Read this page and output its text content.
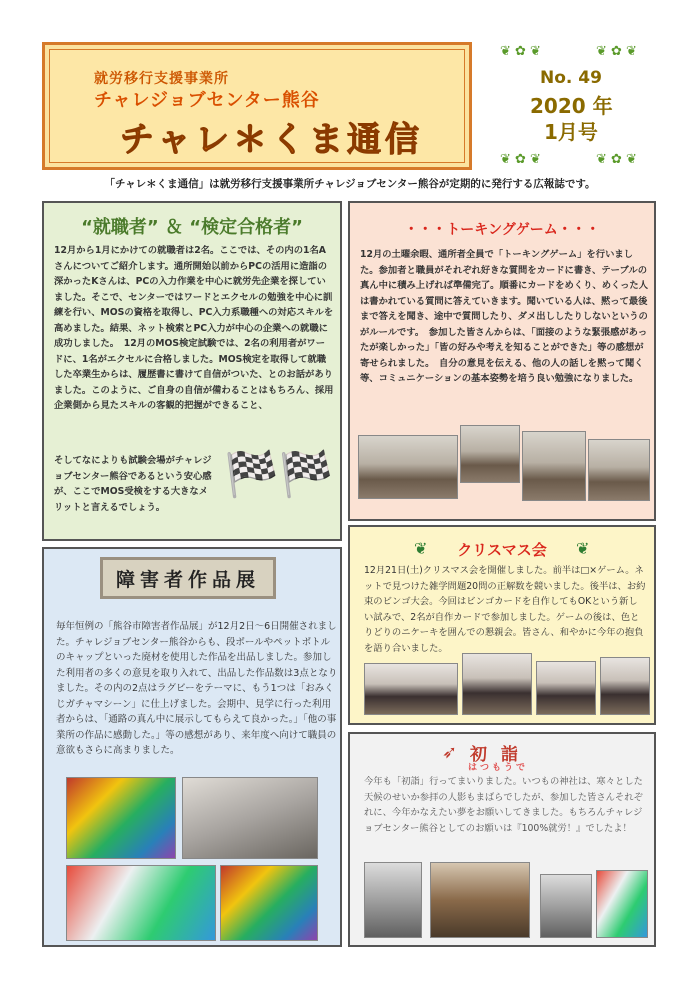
就労移行支援事業所
チャレジョブセンター熊谷
チャレ＊くま通信
❦ ✿ ❦	❦ ✿ ❦
No. 49
2020 年
1月号
❦ ✿ ❦	❦ ✿ ❦
「チャレ＊くま通信」は就労移行支援事業所チャレジョブセンター熊谷が定期的に発行する広報誌です。
“就職者” ＆ “検定合格者”
12月から1月にかけての就職者は2名。ここでは、その内の1名Aさんについてご紹介します。通所開始以前からPCの活用に造詣の深かったKさんは、PCの入力作業を中心に就労先企業を探していました。そこで、センターではワードとエクセルの勉強を中心に訓練を行い、MOSの資格を取得し、PC入力系職種への対応スキルを高めました。結果、ネット検索とPC入力が中心の企業への就職に成功しました。　12月のMOS検定試験では、2名の利用者がワードに、1名がエクセルに合格しました。MOS検定を取得して就職した卒業生からは、履歴書に書けて自信がついた、とのお話がありました。このように、ご自身の自信が備わることはもちろん、採用企業側から見たスキルの客観的把握ができること、
そしてなによりも試験会場がチャレジョブセンター熊谷であるという安心感が、ここでMOS受検をする大きなメリットと言えるでしょう。
🏁🏁
・・・トーキングゲーム・・・
12月の土曜余暇、通所者全員で「トーキングゲーム」を行いました。参加者と職員がそれぞれ好きな質問をカードに書き、テーブルの真ん中に積み上げれば準備完了。順番にカードをめくり、めくった人は書かれている質問に答えていきます。聞いている人は、黙って最後まで答えを聞き、途中で質問したり、ダメ出ししたりしないというのがルールです。　参加した皆さんからは、「面接のような緊張感があったが楽しかった」「皆の好みや考えを知ることができた」等の感想が寄せられました。　自分の意見を伝える、他の人の話しを黙って聞く等、コミュニケーションの基本姿勢を培う良い勉強になりました。
障害者作品展
毎年恒例の「熊谷市障害者作品展」が12月2日〜6日開催されました。チャレジョブセンター熊谷からも、段ボールやペットボトルのキャップといった廃材を使用した作品を出品しました。参加した利用者の多くの意見を取り入れて、出品した作品数は3点となりました。その内の2点はラグビーをテーマに、もう1つは「おみくじガチャマシーン」に仕上げました。会期中、見学に行った利用者からは、「通路の真ん中に展示してもらえて良かった。」「他の事業所の作品に感動した。」等の感想があり、来年度へ向けて職員の意欲もさらに高まりました。
❦	クリスマス会	❦
12月21日(土)クリスマス会を開催しました。前半は□×ゲーム。ネットで見つけた雑学問題20問の正解数を競いました。後半は、お約束のビンゴ大会。今回はビンゴカードを自作してもOKという新しい試みで、2名が自作カードで参加しました。ゲームの後は、色とりどりのニケーキを囲んでの懇親会。皆さん、和やかに今年の抱負を語り合いました。
➶ 初 詣
はつもうで
今年も「初詣」行ってまいりました。いつもの神社は、寒々とした天候のせいか参拝の人影もまばらでしたが、参加した皆さんそれぞれに、今年かなえたい夢をお願いしてきました。もちろんチャレジョブセンター熊谷としてのお願いは『100%就労！』でしたよ！
